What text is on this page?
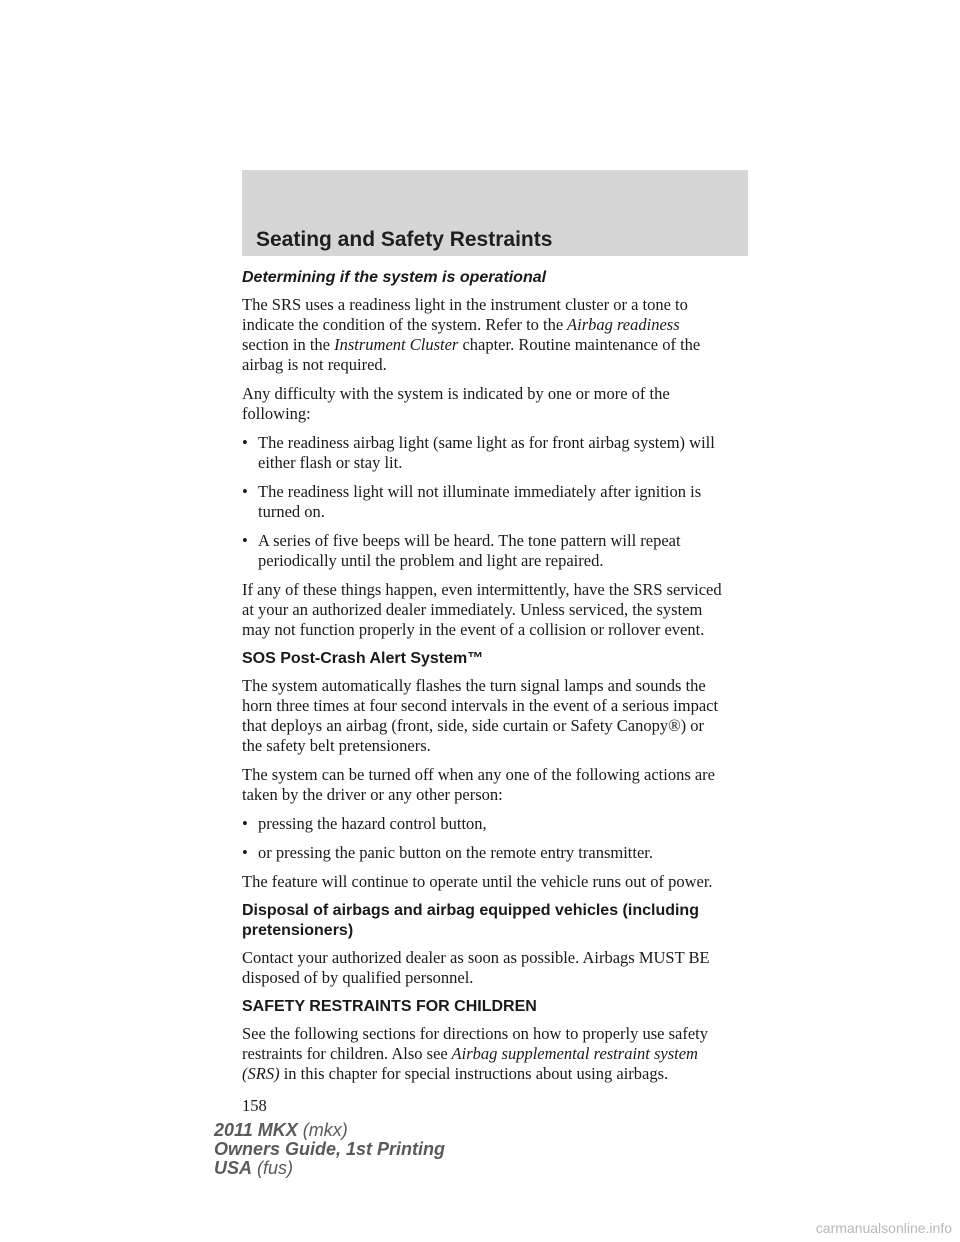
Seating and Safety Restraints
Determining if the system is operational

The SRS uses a readiness light in the instrument cluster or a tone to
indicate the condition of the system. Refer to the Airbag readiness
section in the Instrument Cluster chapter. Routine maintenance of the
airbag is not required.

Any difficulty with the system is indicated by one or more of the
following:

• The readiness airbag light (same light as for front airbag system) will
either flash or stay lit.
• The readiness light will not illuminate immediately after ignition is
turned on.
• A series of five beeps will be heard. The tone pattern will repeat
periodically until the problem and light are repaired.

If any of these things happen, even intermittently, have the SRS serviced
at your an authorized dealer immediately. Unless serviced, the system
may not function properly in the event of a collision or rollover event.

SOS Post-Crash Alert System™

The system automatically flashes the turn signal lamps and sounds the
horn three times at four second intervals in the event of a serious impact
that deploys an airbag (front, side, side curtain or Safety Canopy®) or
the safety belt pretensioners.

The system can be turned off when any one of the following actions are
taken by the driver or any other person:

• pressing the hazard control button,
• or pressing the panic button on the remote entry transmitter.

The feature will continue to operate until the vehicle runs out of power.

Disposal of airbags and airbag equipped vehicles (including
pretensioners)

Contact your authorized dealer as soon as possible. Airbags MUST BE
disposed of by qualified personnel.

SAFETY RESTRAINTS FOR CHILDREN

See the following sections for directions on how to properly use safety
restraints for children. Also see Airbag supplemental restraint system
(SRS) in this chapter for special instructions about using airbags.

158
2011 MKX (mkx)
Owners Guide, 1st Printing
USA (fus)
carmanualsonline.info
